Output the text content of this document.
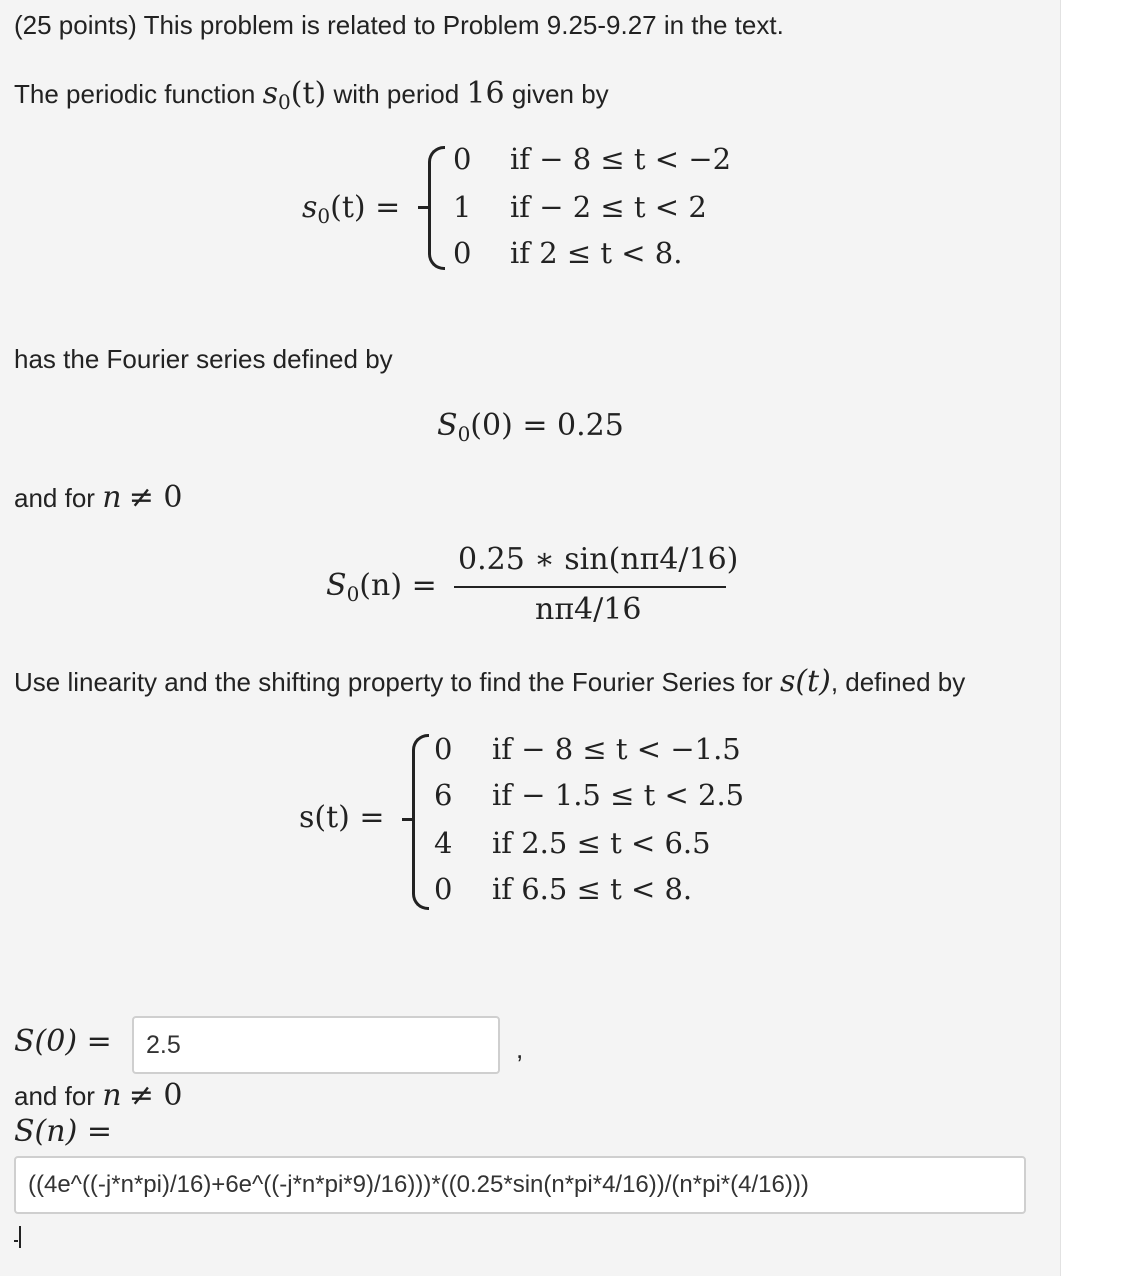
(25 points) This problem is related to Problem 9.25-9.27 in the text.
The periodic function $s_0(t)$ with period 16 given by
$s_0(t)$ =
0 if − 8 ≤ t < −2
1 if − 2 ≤ t < 2
0 if 2 ≤ t < 8.
has the Fourier series defined by
$S_0(0) = 0.25$
and for n ≠ 0
$S_0(n)$ =
0.25 ∗ sin(nπ4/16)
nπ4/16
Use linearity and the shifting property to find the Fourier Series for s(t), defined by
s(t) =
0 if − 8 ≤ t < −1.5
6 if − 1.5 ≤ t < 2.5
4 if 2.5 ≤ t < 6.5
0 if 6.5 ≤ t < 8.
S(0) =	2.5	,
and for n ≠ 0
S(n) =
((4e^((-j*n*pi)/16)+6e^((-j*n*pi*9)/16)))*((0.25*sin(n*pi*4/16))/(n*pi*(4/16)))
